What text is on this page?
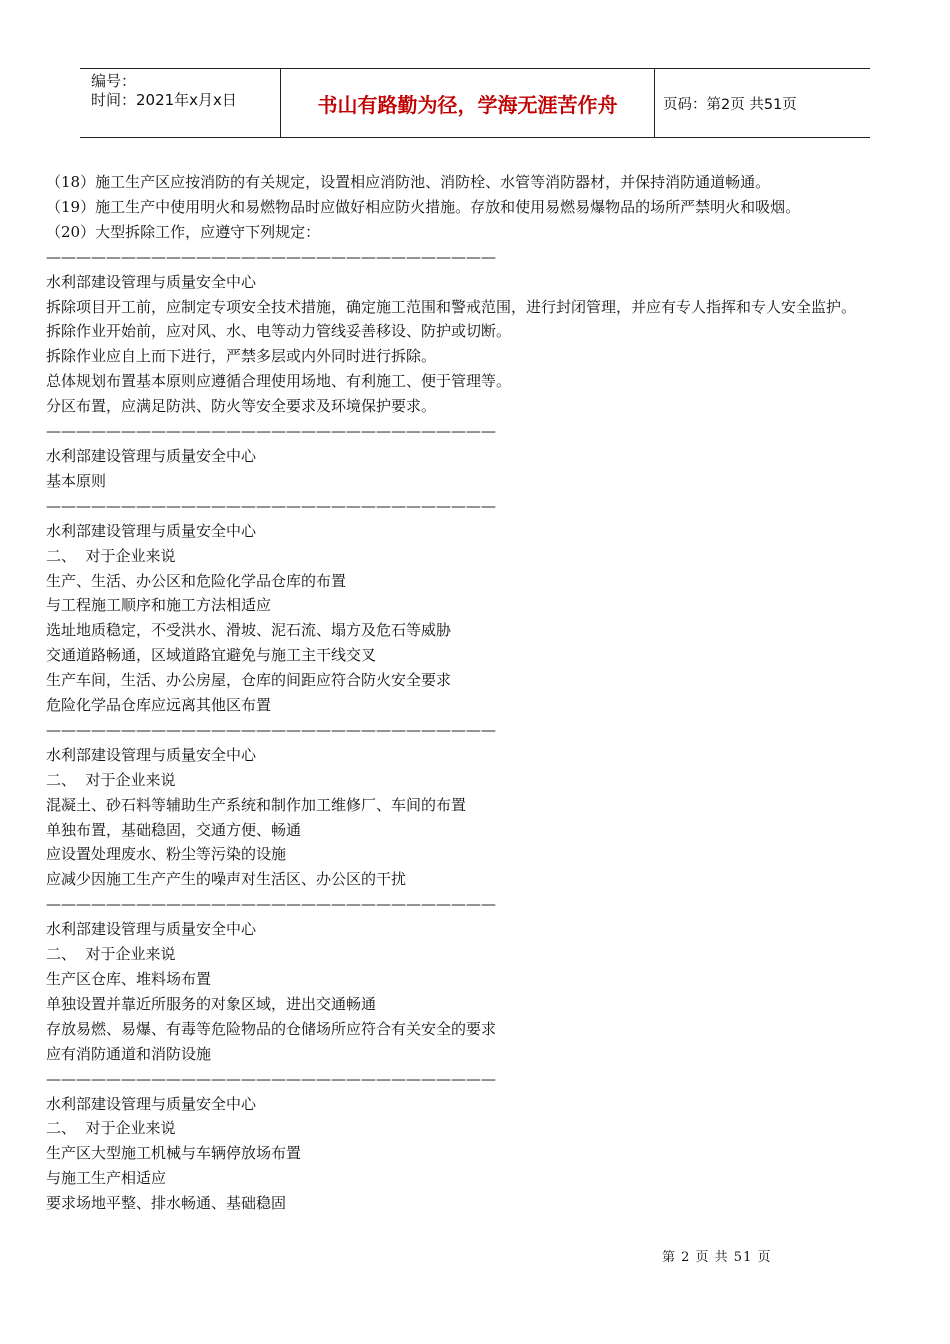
编号：
时间：2021年x月x日	书山有路勤为径，学海无涯苦作舟	页码：第2页 共51页
（18）施工生产区应按消防的有关规定，设置相应消防池、消防栓、水管等消防器材，并保持消防通道畅通。
（19）施工生产中使用明火和易燃物品时应做好相应防火措施。存放和使用易燃易爆物品的场所严禁明火和吸烟。
（20）大型拆除工作，应遵守下列规定：
——————————————————————————————
水利部建设管理与质量安全中心
拆除项目开工前，应制定专项安全技术措施，确定施工范围和警戒范围，进行封闭管理，并应有专人指挥和专人安全监护。
拆除作业开始前，应对风、水、电等动力管线妥善移设、防护或切断。
拆除作业应自上而下进行，严禁多层或内外同时进行拆除。
总体规划布置基本原则应遵循合理使用场地、有利施工、便于管理等。
分区布置，应满足防洪、防火等安全要求及环境保护要求。
——————————————————————————————
水利部建设管理与质量安全中心
基本原则
——————————————————————————————
水利部建设管理与质量安全中心
二、  对于企业来说
生产、生活、办公区和危险化学品仓库的布置
与工程施工顺序和施工方法相适应
选址地质稳定，不受洪水、滑坡、泥石流、塌方及危石等威胁
交通道路畅通，区域道路宜避免与施工主干线交叉
生产车间，生活、办公房屋，仓库的间距应符合防火安全要求
危险化学品仓库应远离其他区布置
——————————————————————————————
水利部建设管理与质量安全中心
二、  对于企业来说
混凝土、砂石料等辅助生产系统和制作加工维修厂、车间的布置
单独布置，基础稳固，交通方便、畅通
应设置处理废水、粉尘等污染的设施
应减少因施工生产产生的噪声对生活区、办公区的干扰
——————————————————————————————
水利部建设管理与质量安全中心
二、  对于企业来说
生产区仓库、堆料场布置
单独设置并靠近所服务的对象区域，进出交通畅通
存放易燃、易爆、有毒等危险物品的仓储场所应符合有关安全的要求
应有消防通道和消防设施
——————————————————————————————
水利部建设管理与质量安全中心
二、  对于企业来说
生产区大型施工机械与车辆停放场布置
与施工生产相适应
要求场地平整、排水畅通、基础稳固
第 2 页 共 51 页
